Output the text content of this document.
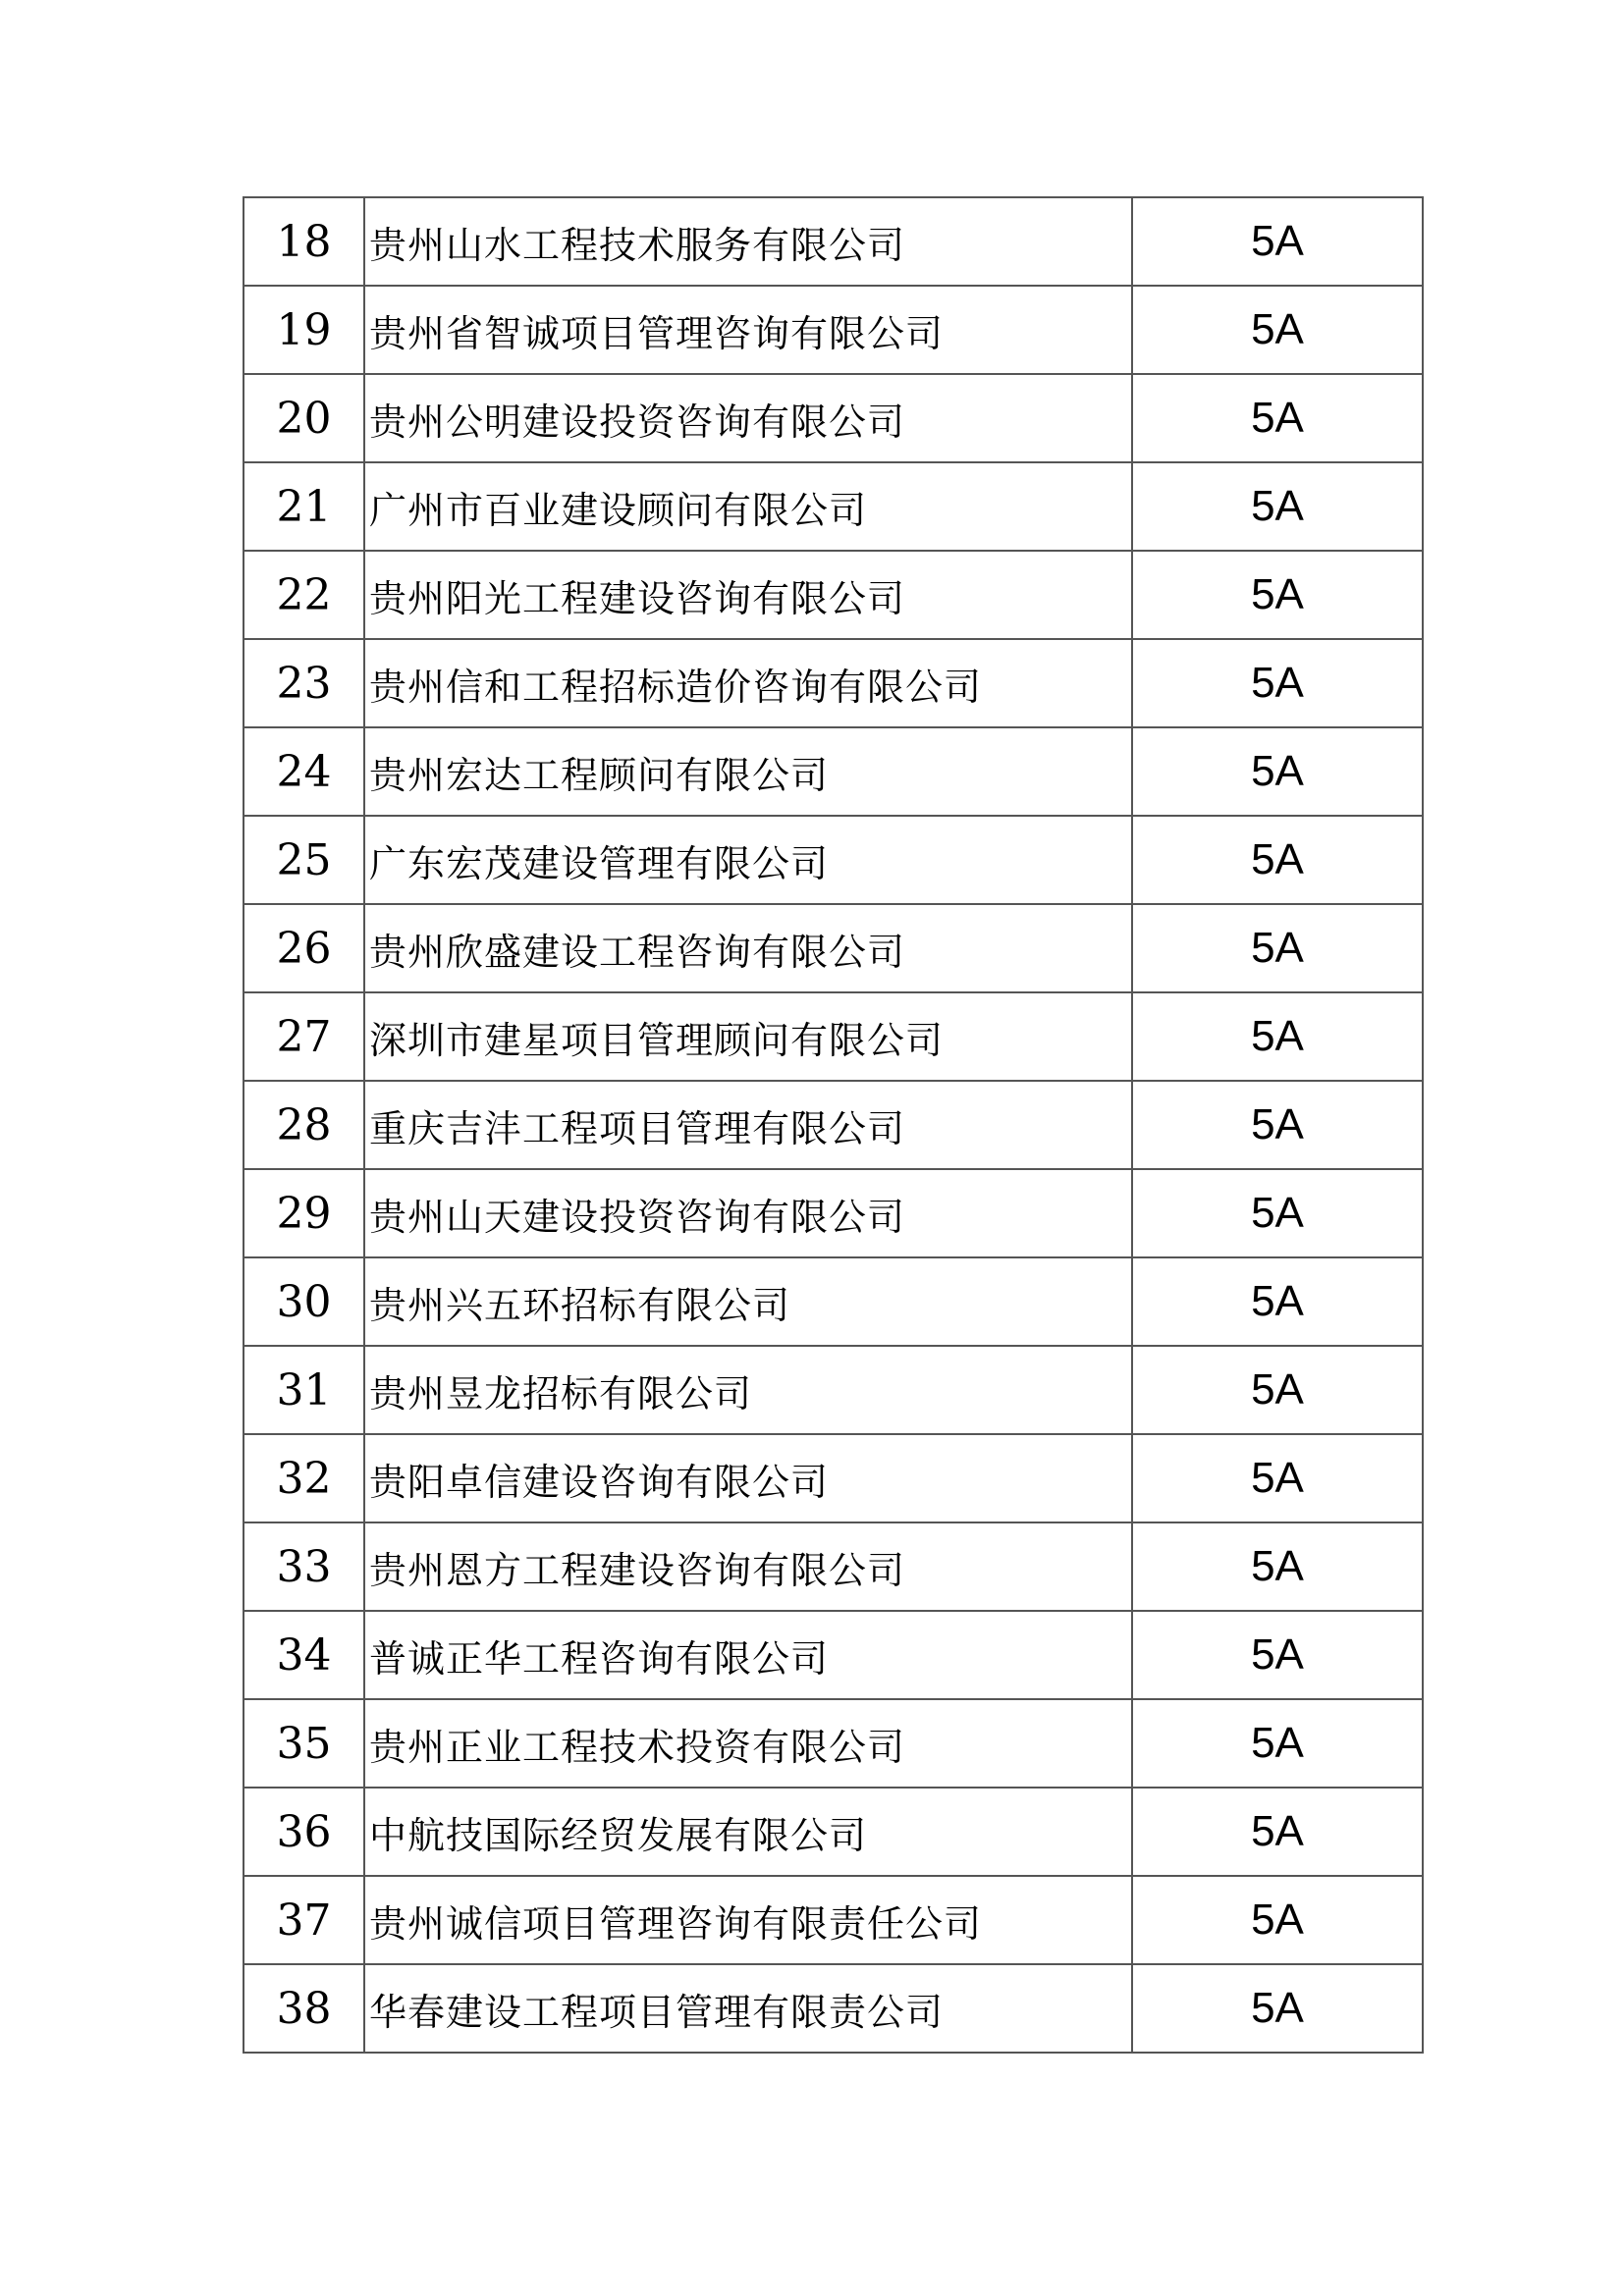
18	贵州山水工程技术服务有限公司	5A
19	贵州省智诚项目管理咨询有限公司	5A
20	贵州公明建设投资咨询有限公司	5A
21	广州市百业建设顾问有限公司	5A
22	贵州阳光工程建设咨询有限公司	5A
23	贵州信和工程招标造价咨询有限公司	5A
24	贵州宏达工程顾问有限公司	5A
25	广东宏茂建设管理有限公司	5A
26	贵州欣盛建设工程咨询有限公司	5A
27	深圳市建星项目管理顾问有限公司	5A
28	重庆吉沣工程项目管理有限公司	5A
29	贵州山天建设投资咨询有限公司	5A
30	贵州兴五环招标有限公司	5A
31	贵州昱龙招标有限公司	5A
32	贵阳卓信建设咨询有限公司	5A
33	贵州恩方工程建设咨询有限公司	5A
34	普诚正华工程咨询有限公司	5A
35	贵州正业工程技术投资有限公司	5A
36	中航技国际经贸发展有限公司	5A
37	贵州诚信项目管理咨询有限责任公司	5A
38	华春建设工程项目管理有限责公司	5A
